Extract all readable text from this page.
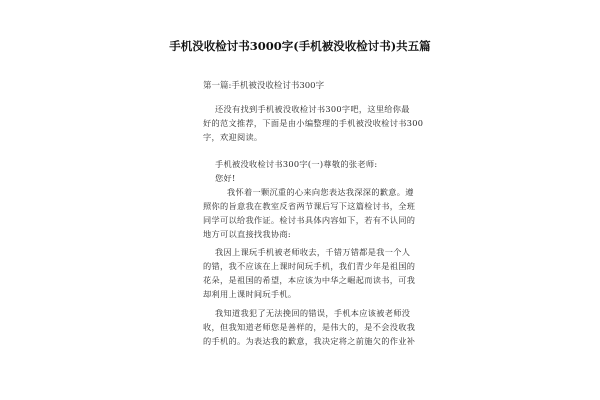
手机没收检讨书3000字(手机被没收检讨书)共五篇
第一篇:手机被没收检讨书300字
还没有找到手机被没收检讨书300字吧，这里给你最
好的范文推荐，下面是由小编整理的手机被没收检讨书300
字，欢迎阅读。
手机被没收检讨书300字(一)尊敬的张老师:
您好!
我怀着一颗沉重的心来向您表达我深深的歉意。遵
照你的旨意我在教室反省两节课后写下这篇检讨书，全班
同学可以给我作证。检讨书具体内容如下，若有不认同的
地方可以直接找我协商:
我因上课玩手机被老师收去，千错万错都是我一个人
的错，我不应该在上课时间玩手机，我们青少年是祖国的
花朵，是祖国的希望，本应该为中华之崛起而读书，可我
却利用上课时间玩手机。
我知道我犯了无法挽回的错误，手机本应该被老师没
收，但我知道老师您是善样的，是伟大的，是不会没收我
的手机的。为表达我的歉意，我决定将之前施欠的作业补
